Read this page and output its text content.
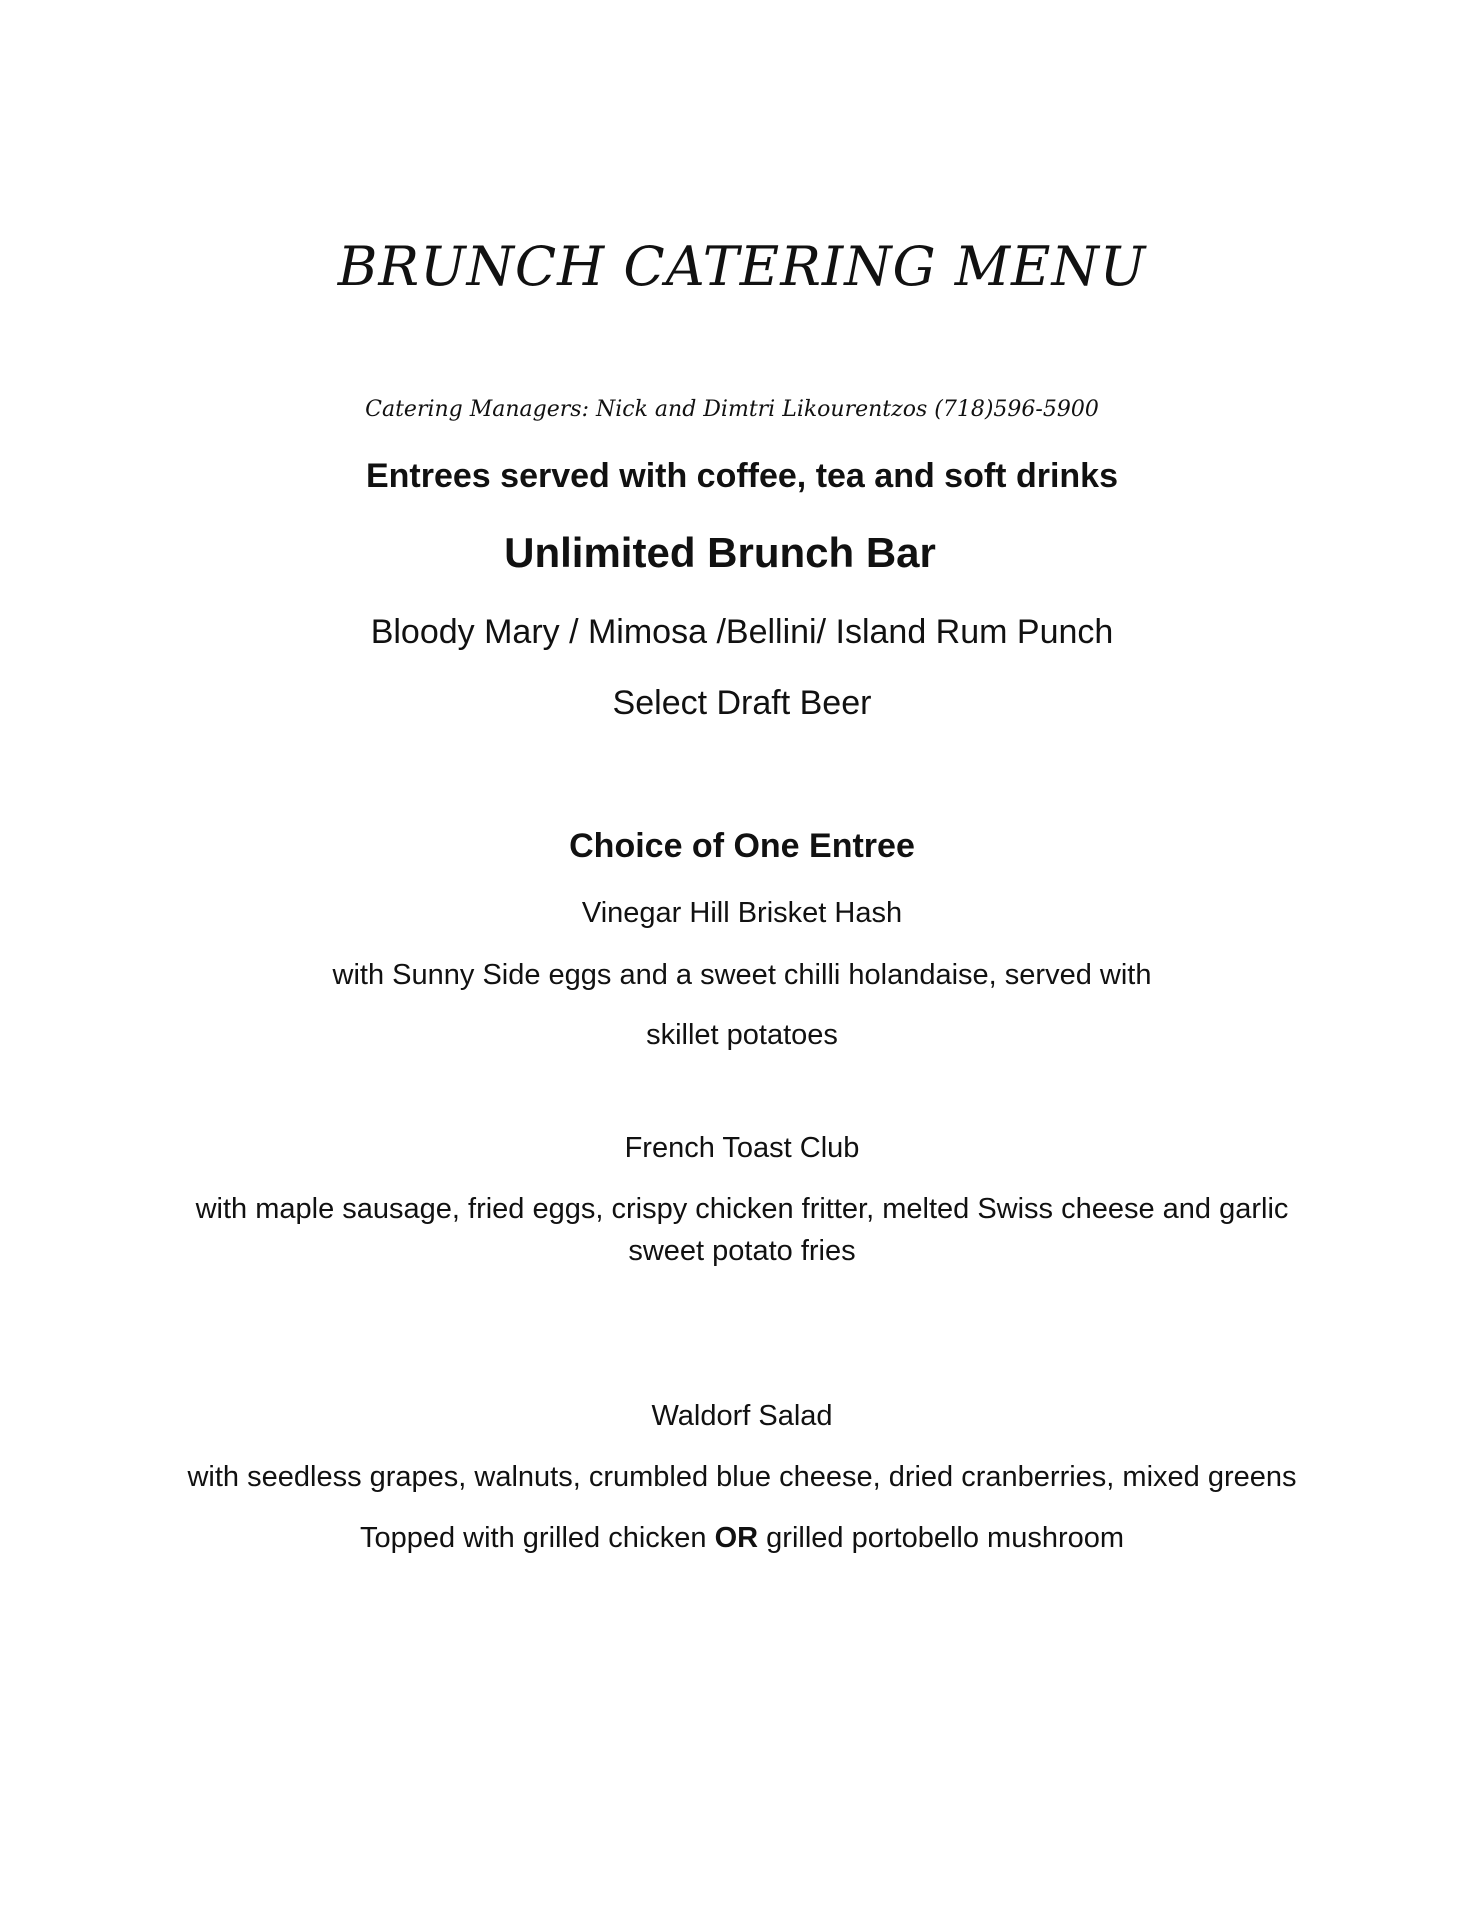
BRUNCH CATERING MENU
Catering Managers: Nick and Dimtri Likourentzos (718)596-5900
Entrees served with coffee, tea and soft drinks
Unlimited Brunch Bar
Bloody Mary / Mimosa /Bellini/ Island Rum Punch
Select Draft Beer
Choice of One Entree
Vinegar Hill Brisket Hash
with Sunny Side eggs and a sweet chilli holandaise, served with
skillet potatoes
French Toast Club
with maple sausage, fried eggs, crispy chicken fritter, melted Swiss cheese and garlic
sweet potato fries
Waldorf Salad
with seedless grapes, walnuts, crumbled blue cheese, dried cranberries, mixed greens
Topped with grilled chicken OR grilled portobello mushroom
